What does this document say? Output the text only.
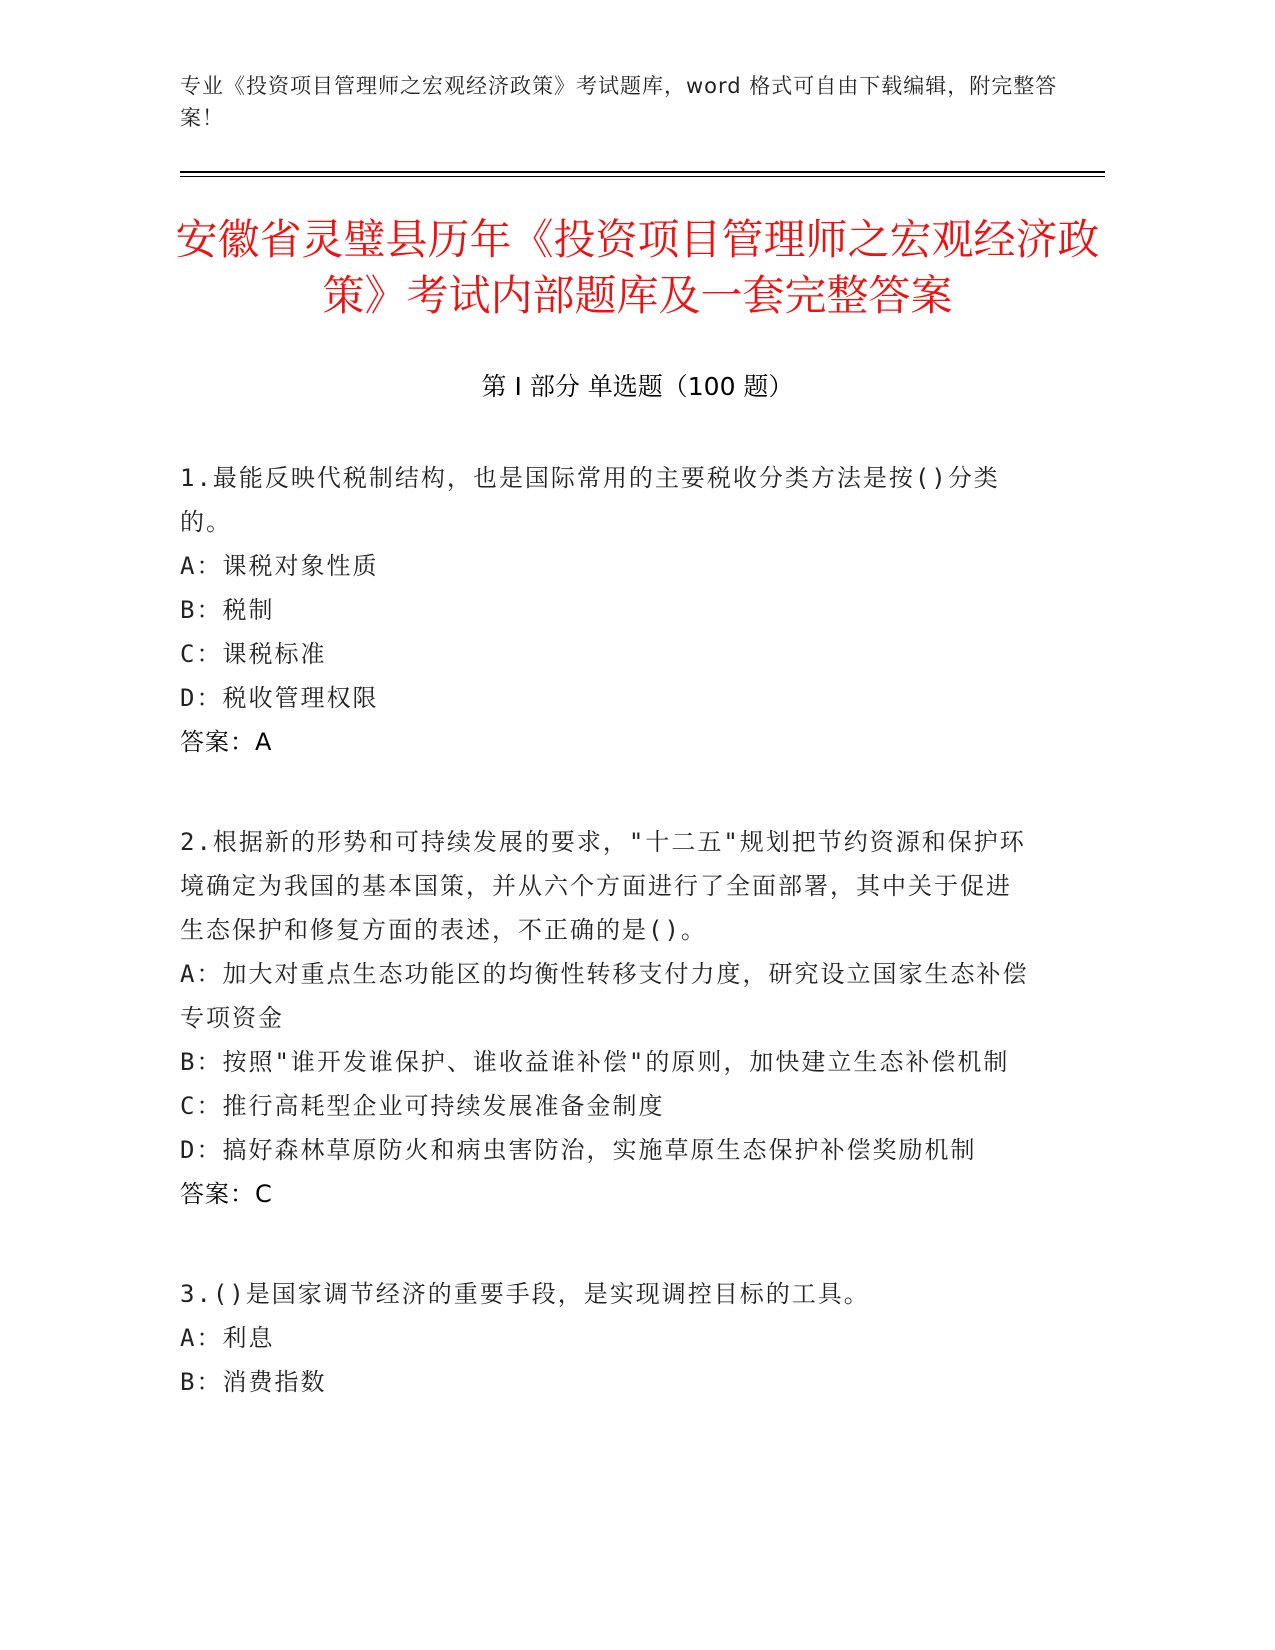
专业《投资项目管理师之宏观经济政策》考试题库，word 格式可自由下载编辑，附完整答案！
安徽省灵璧县历年《投资项目管理师之宏观经济政策》考试内部题库及一套完整答案
第 I 部分 单选题（100 题）

1.最能反映代税制结构，也是国际常用的主要税收分类方法是按()分类的。

A：课税对象性质

B：税制

C：课税标准

D：税收管理权限

答案：A

2.根据新的形势和可持续发展的要求，"十二五"规划把节约资源和保护环境确定为我国的基本国策，并从六个方面进行了全面部署，其中关于促进生态保护和修复方面的表述，不正确的是()。

A：加大对重点生态功能区的均衡性转移支付力度，研究设立国家生态补偿专项资金

B：按照"谁开发谁保护、谁收益谁补偿"的原则，加快建立生态补偿机制

C：推行高耗型企业可持续发展准备金制度

D：搞好森林草原防火和病虫害防治，实施草原生态保护补偿奖励机制

答案：C

3.()是国家调节经济的重要手段，是实现调控目标的工具。

A：利息

B：消费指数
